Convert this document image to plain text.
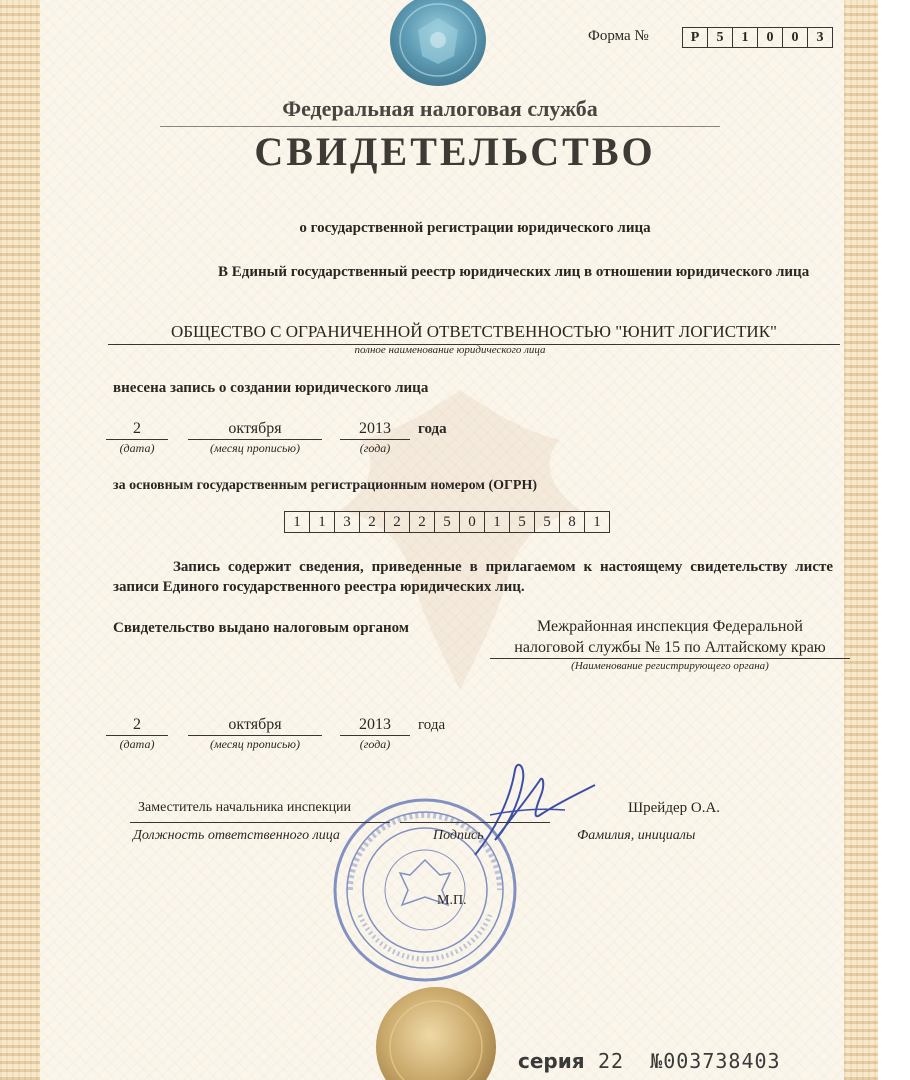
Форма №	Р	5	1	0	0	3
Федеральная налоговая служба
СВИДЕТЕЛЬСТВО
о государственной регистрации юридического лица
В Единый государственный реестр юридических лиц в отношении юридического лица
ОБЩЕСТВО С ОГРАНИЧЕННОЙ ОТВЕТСТВЕННОСТЬЮ "ЮНИТ ЛОГИСТИК"
полное наименование юридического лица
внесена запись о создании юридического лица
2	октября	2013	года
(дата)	(месяц прописью)	(года)
за основным государственным регистрационным номером (ОГРН)
1	1	3	2	2	2	5	0	1	5	5	8	1
Запись содержит сведения, приведенные в прилагаемом к настоящему свидетельству листе записи Единого государственного реестра юридических лиц.
Свидетельство выдано налоговым органом	Межрайонная инспекция Федеральной
налоговой службы № 15 по Алтайскому краю
(Наименование регистрирующего органа)
2	октября	2013	года
(дата)	(месяц прописью)	(года)
Заместитель начальника инспекции
Должность ответственного лица	Подпись
Шрейдер О.А.
Фамилия, инициалы
М.П.
серия 22 №003738403
